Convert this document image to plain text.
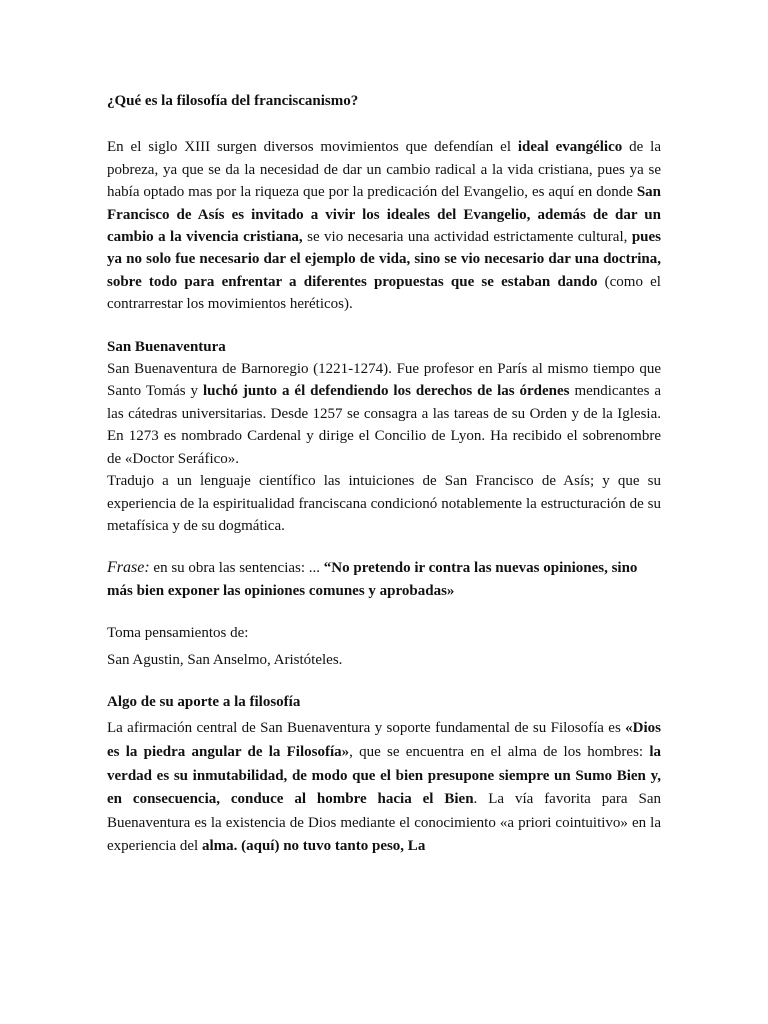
¿Qué es la filosofía del franciscanismo?

En el siglo XIII surgen diversos movimientos que defendían el ideal evangélico de la pobreza, ya que se da la necesidad de dar un cambio radical a la vida cristiana, pues ya se había optado mas por la riqueza que por la predicación del Evangelio, es aquí en donde San Francisco de Asís es invitado a vivir los ideales del Evangelio, además de dar un cambio a la vivencia cristiana, se vio necesaria una actividad estrictamente cultural, pues ya no solo fue necesario dar el ejemplo de vida, sino se vio necesario dar una doctrina, sobre todo para enfrentar a diferentes propuestas que se estaban dando (como el contrarrestar los movimientos heréticos).

San Buenaventura

San Buenaventura de Barnoregio (1221-1274). Fue profesor en París al mismo tiempo que Santo Tomás y luchó junto a él defendiendo los derechos de las órdenes mendicantes a las cátedras universitarias. Desde 1257 se consagra a las tareas de su Orden y de la Iglesia. En 1273 es nombrado Cardenal y dirige el Concilio de Lyon. Ha recibido el sobrenombre de «Doctor Seráfico».

Tradujo a un lenguaje científico las intuiciones de San Francisco de Asís; y que su experiencia de la espiritualidad franciscana condicionó notablemente la estructuración de su metafísica y de su dogmática.

Frase: en su obra las sentencias: ... “No pretendo ir contra las nuevas opiniones, sino más bien exponer las opiniones comunes y aprobadas»

Toma pensamientos de:

San Agustin, San Anselmo, Aristóteles.

Algo de su aporte a la filosofía

La afirmación central de San Buenaventura y soporte fundamental de su Filosofía es «Dios es la piedra angular de la Filosofía», que se encuentra en el alma de los hombres: la verdad es su inmutabilidad, de modo que el bien presupone siempre un Sumo Bien y, en consecuencia, conduce al hombre hacia el Bien. La vía favorita para San Buenaventura es la existencia de Dios mediante el conocimiento «a priori cointuitivo» en la experiencia del alma. (aquí) no tuvo tanto peso, La
